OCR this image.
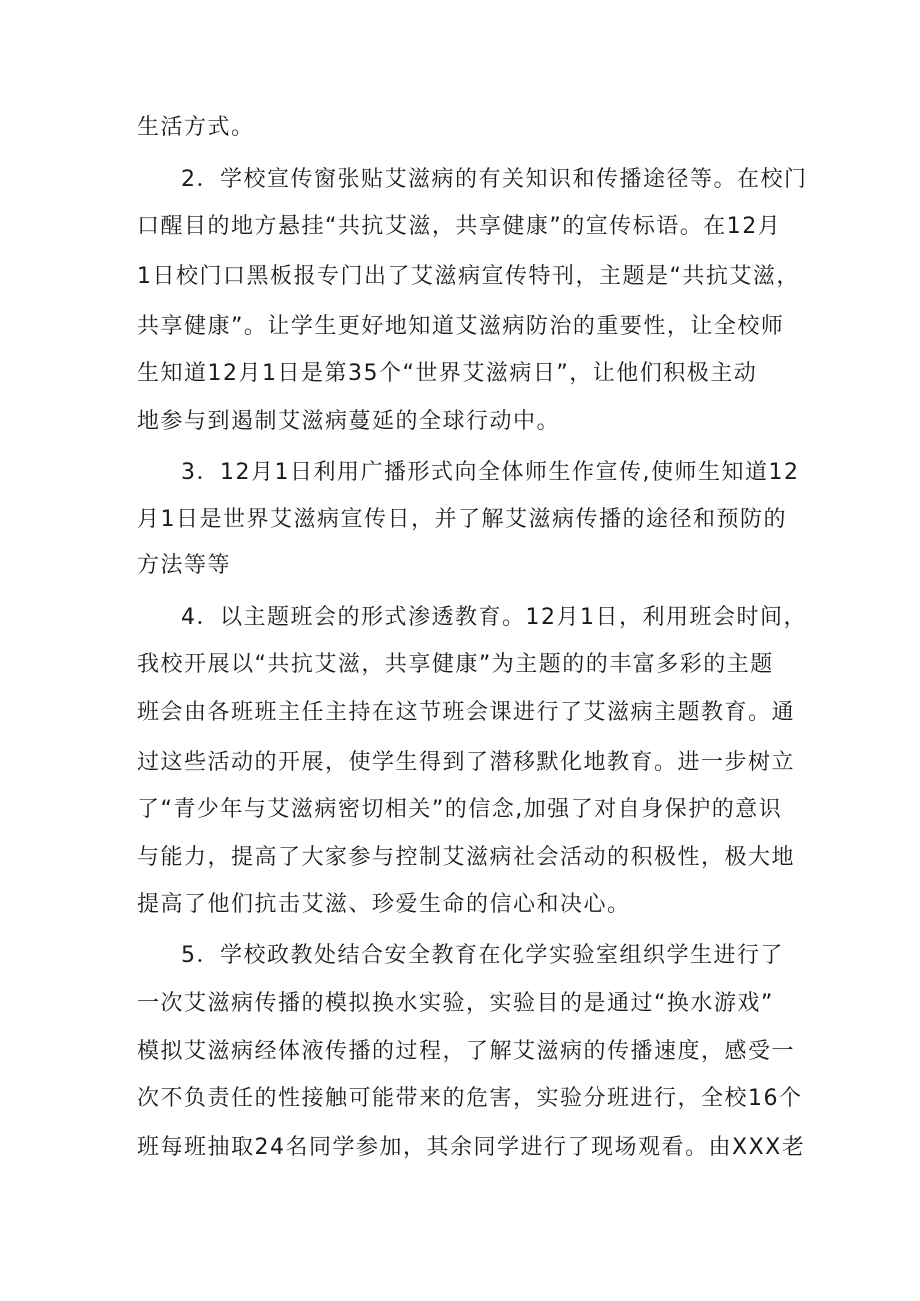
生活方式。
2．学校宣传窗张贴艾滋病的有关知识和传播途径等。在校门
口醒目的地方悬挂“共抗艾滋，共享健康”的宣传标语。在12月
1日校门口黑板报专门出了艾滋病宣传特刊，主题是“共抗艾滋，
共享健康”。让学生更好地知道艾滋病防治的重要性，让全校师
生知道12月1日是第35个“世界艾滋病日”，让他们积极主动
地参与到遏制艾滋病蔓延的全球行动中。
3．12月1日利用广播形式向全体师生作宣传,使师生知道12
月1日是世界艾滋病宣传日，并了解艾滋病传播的途径和预防的
方法等等
4．以主题班会的形式渗透教育。12月1日，利用班会时间，
我校开展以“共抗艾滋，共享健康”为主题的的丰富多彩的主题
班会由各班班主任主持在这节班会课进行了艾滋病主题教育。通
过这些活动的开展，使学生得到了潜移默化地教育。进一步树立
了“青少年与艾滋病密切相关”的信念,加强了对自身保护的意识
与能力，提高了大家参与控制艾滋病社会活动的积极性，极大地
提高了他们抗击艾滋、珍爱生命的信心和决心。
5．学校政教处结合安全教育在化学实验室组织学生进行了
一次艾滋病传播的模拟换水实验，实验目的是通过“换水游戏”
模拟艾滋病经体液传播的过程，了解艾滋病的传播速度，感受一
次不负责任的性接触可能带来的危害，实验分班进行，全校16个
班每班抽取24名同学参加，其余同学进行了现场观看。由XXX老
